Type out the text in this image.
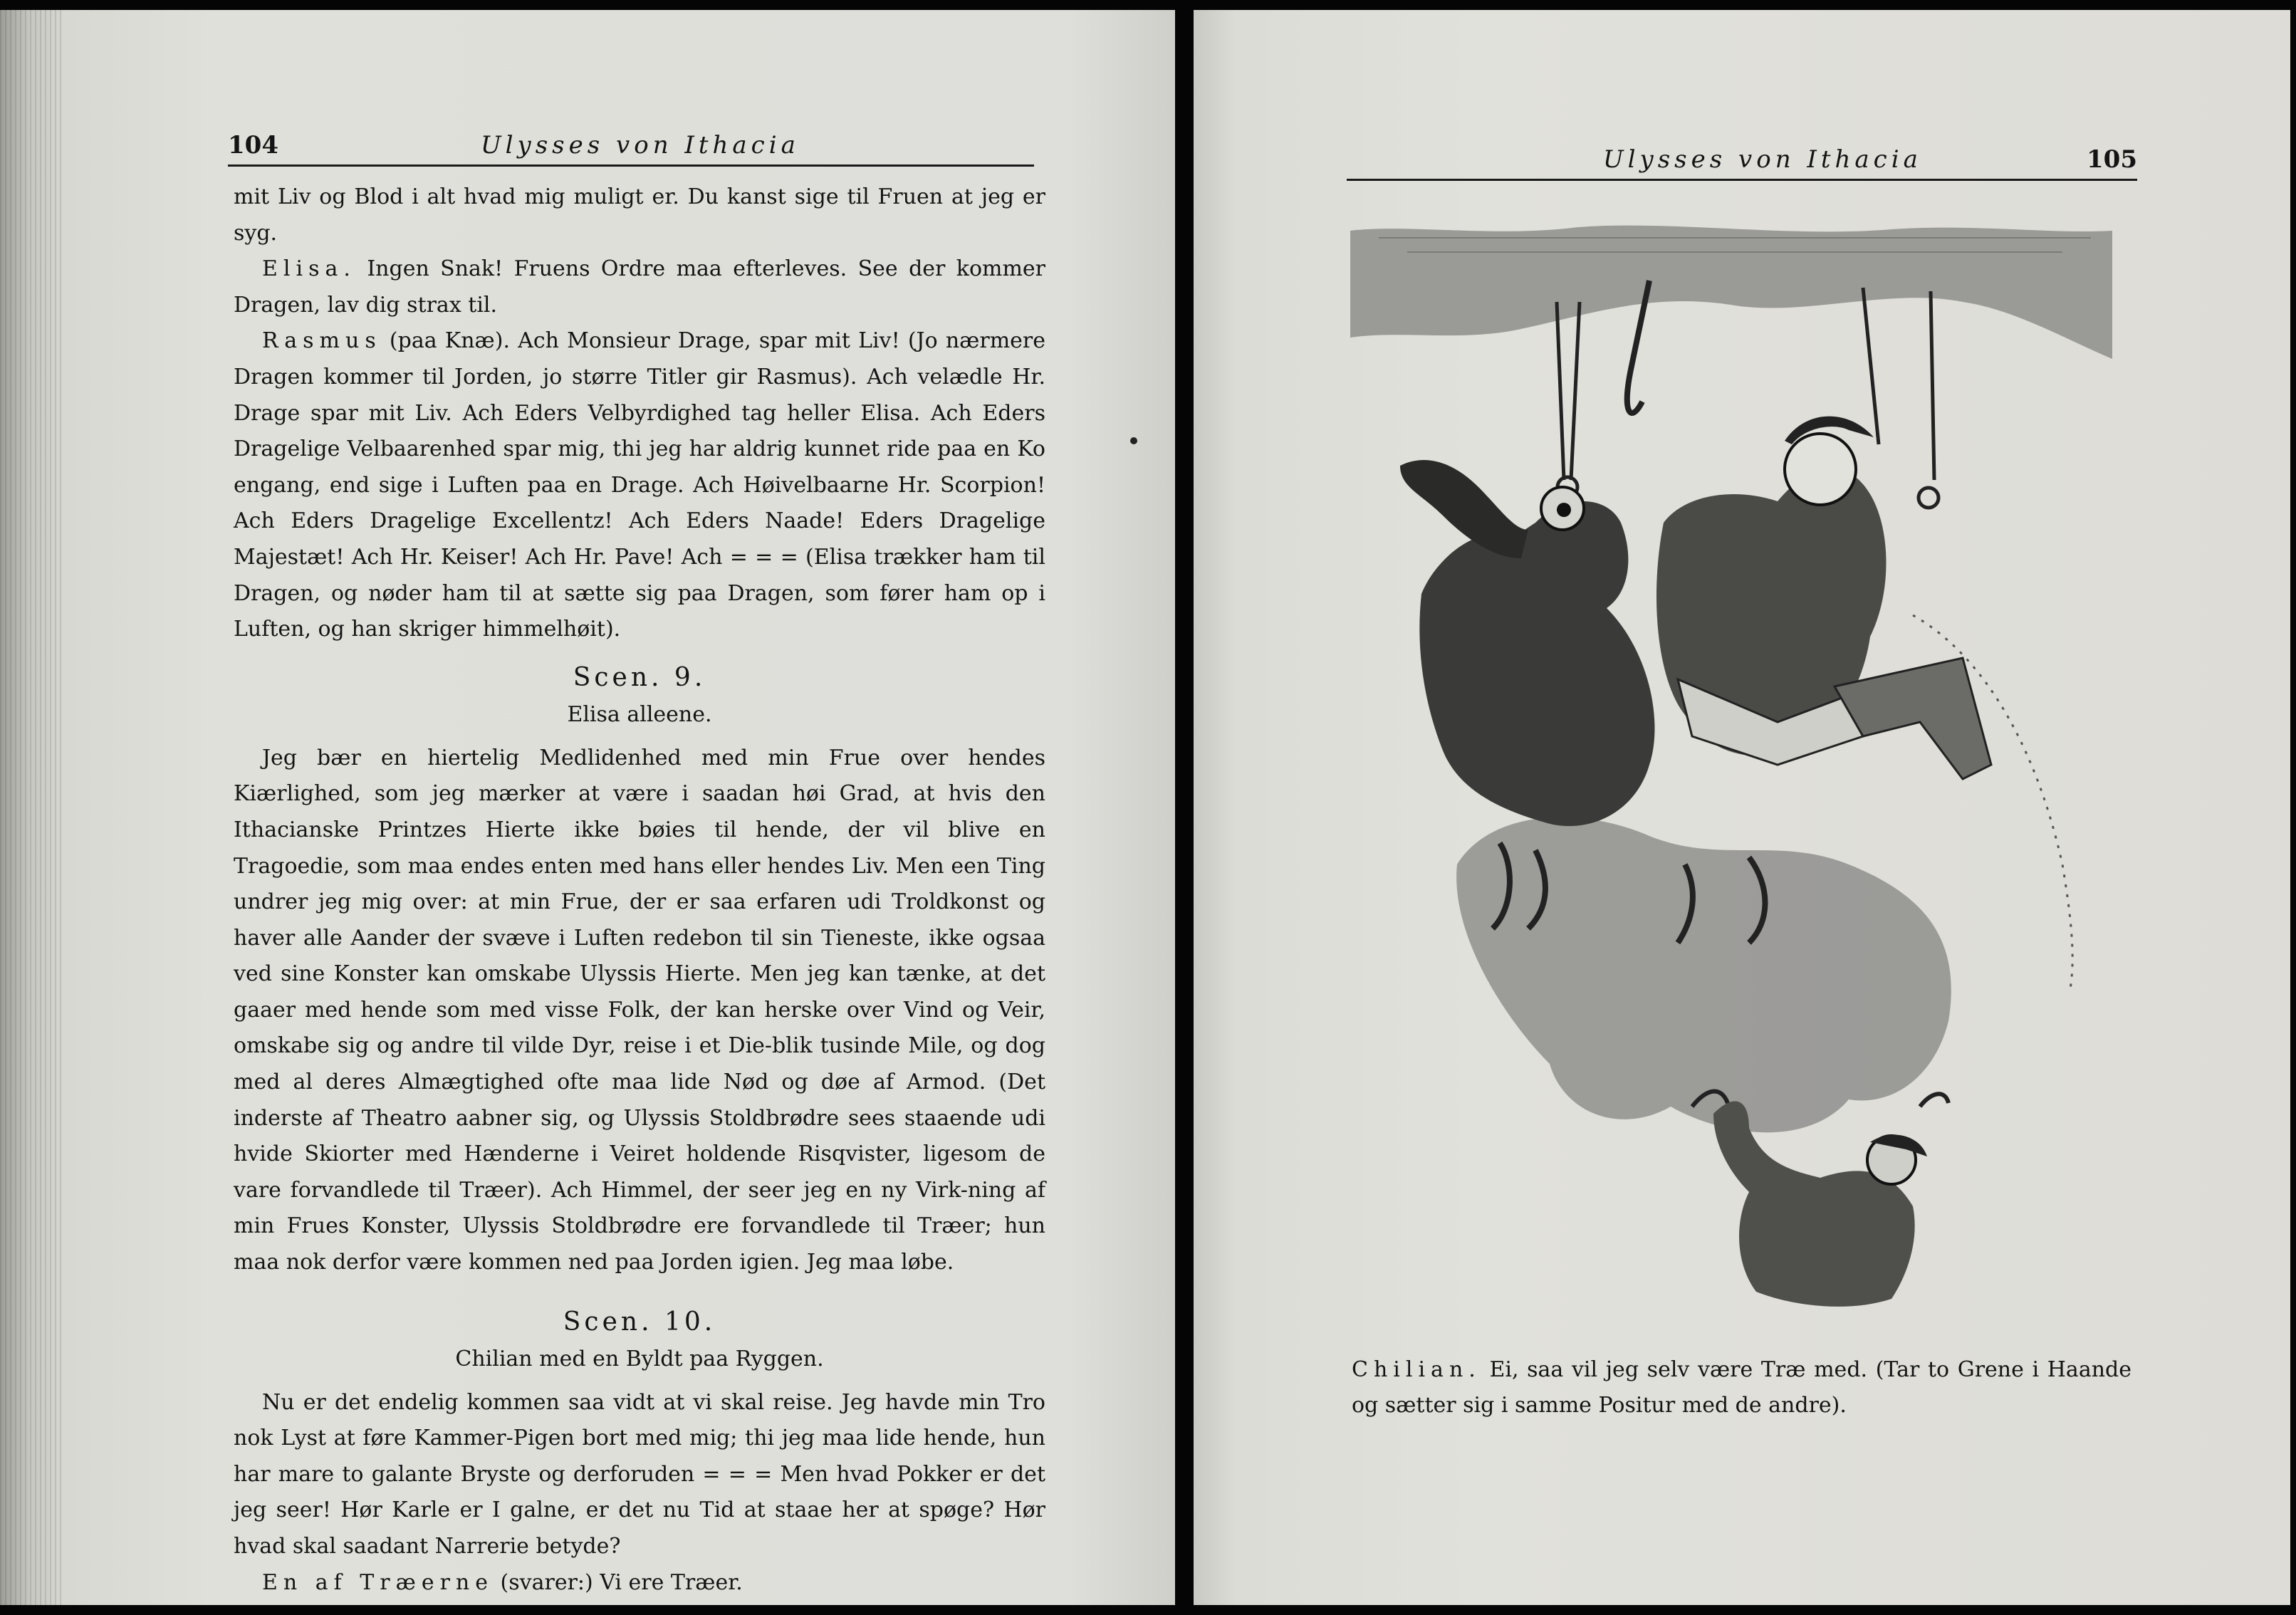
104	Ulysses von Ithacia

mit Liv og Blod i alt hvad mig muligt er. Du kanst sige til Fruen at jeg er syg.

Elisa. Ingen Snak! Fruens Ordre maa efterleves. See der kommer Dragen, lav dig strax til.

Rasmus (paa Knæ). Ach Monsieur Drage, spar mit Liv! (Jo nærmere Dragen kommer til Jorden, jo større Titler gir Rasmus). Ach velædle Hr. Drage spar mit Liv. Ach Eders Velbyrdighed tag heller Elisa. Ach Eders Dragelige Velbaarenhed spar mig, thi jeg har aldrig kunnet ride paa en Ko engang, end sige i Luften paa en Drage. Ach Høivelbaarne Hr. Scorpion! Ach Eders Dragelige Excellentz! Ach Eders Naade! Eders Dragelige Majestæt! Ach Hr. Keiser! Ach Hr. Pave! Ach = = = (Elisa trækker ham til Dragen, og nøder ham til at sætte sig paa Dragen, som fører ham op i Luften, og han skriger himmelhøit).

Scen. 9.
Elisa alleene.

Jeg bær en hiertelig Medlidenhed med min Frue over hendes Kiærlighed, som jeg mærker at være i saadan høi Grad, at hvis den Ithacianske Printzes Hierte ikke bøies til hende, der vil blive en Tragoedie, som maa endes enten med hans eller hendes Liv. Men een Ting undrer jeg mig over: at min Frue, der er saa erfaren udi Troldkonst og haver alle Aander der svæve i Luften redebon til sin Tieneste, ikke ogsaa ved sine Konster kan omskabe Ulyssis Hierte. Men jeg kan tænke, at det gaaer med hende som med visse Folk, der kan herske over Vind og Veir, omskabe sig og andre til vilde Dyr, reise i et Die-blik tusinde Mile, og dog med al deres Almægtighed ofte maa lide Nød og døe af Armod. (Det inderste af Theatro aabner sig, og Ulyssis Stoldbrødre sees staaende udi hvide Skiorter med Hænderne i Veiret holdende Risqvister, ligesom de vare forvandlede til Træer). Ach Himmel, der seer jeg en ny Virk-ning af min Frues Konster, Ulyssis Stoldbrødre ere forvandlede til Træer; hun maa nok derfor være kommen ned paa Jorden igien. Jeg maa løbe.

Scen. 10.
Chilian med en Byldt paa Ryggen.

Nu er det endelig kommen saa vidt at vi skal reise. Jeg havde min Tro nok Lyst at føre Kammer-Pigen bort med mig; thi jeg maa lide hende, hun har mare to galante Bryste og derforuden = = = Men hvad Pokker er det jeg seer! Hør Karle er I galne, er det nu Tid at staae her at spøge? Hør hvad skal saadant Narrerie betyde?

En af Træerne (svarer:) Vi ere Træer.

Ulysses von Ithacia	105
Chilian. Ei, saa vil jeg selv være Træ med. (Tar to Grene i Haande og sætter sig i samme Positur med de andre).
